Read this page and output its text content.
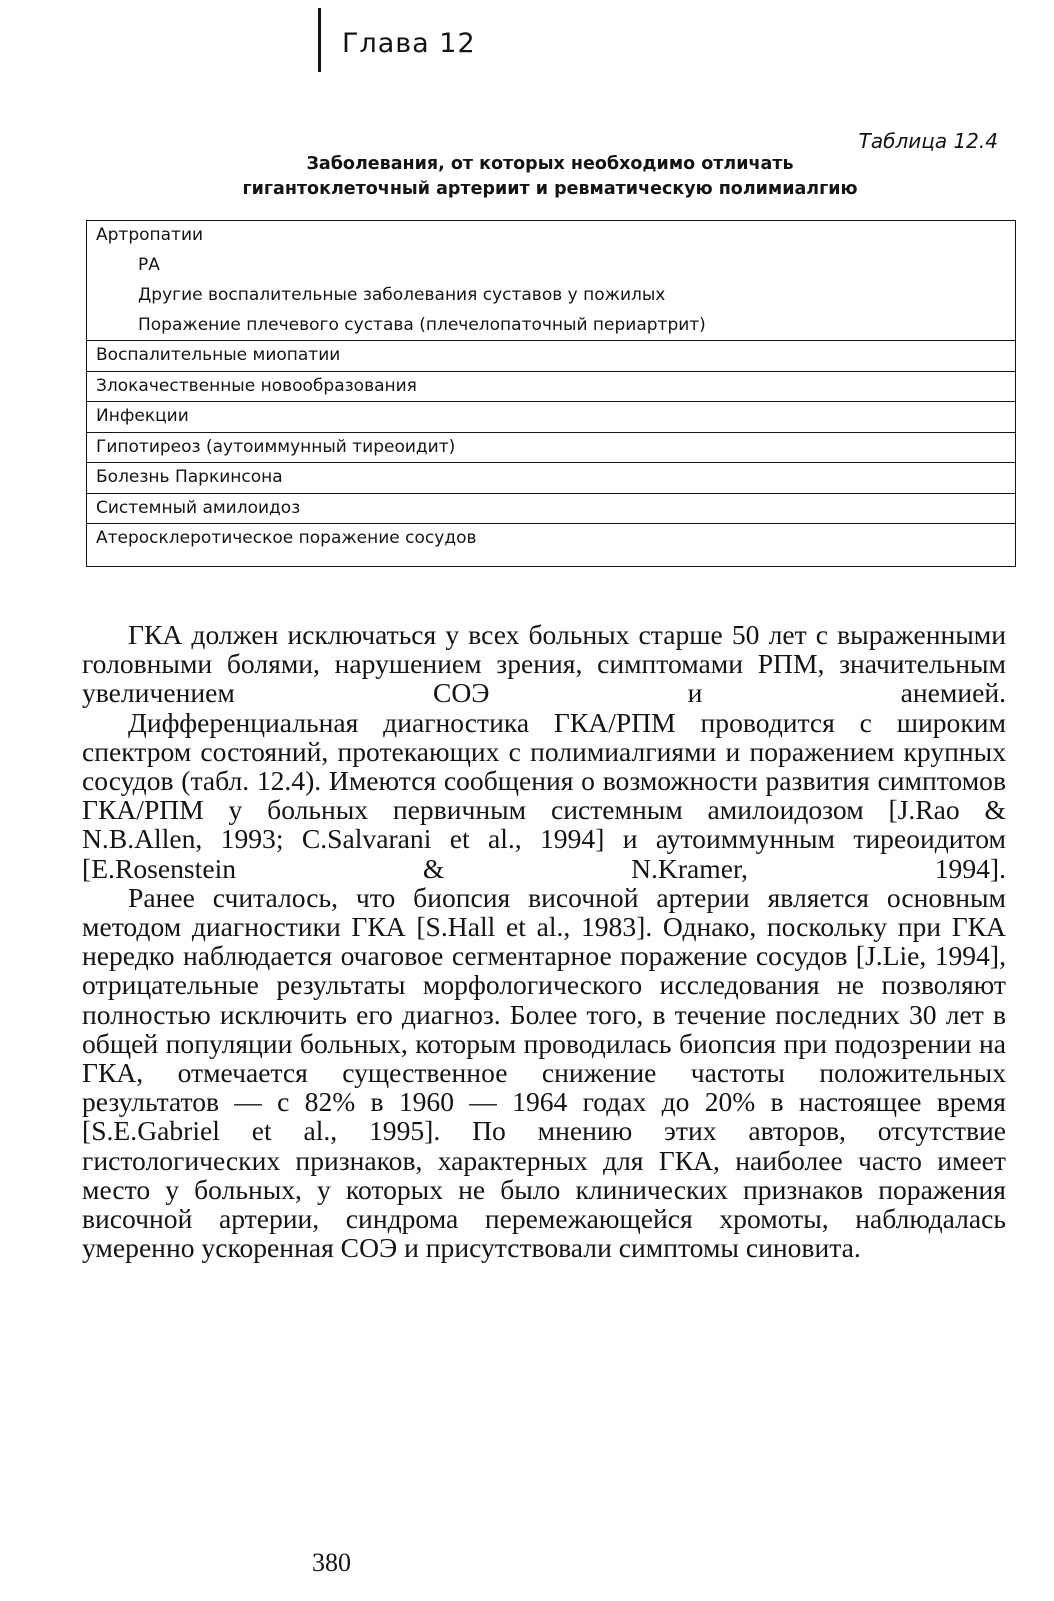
Глава 12
Таблица 12.4
Заболевания, от которых необходимо отличать
гигантоклеточный артериит и ревматическую полимиалгию
Артропатии
РА
Другие воспалительные заболевания суставов у пожилых
Поражение плечевого сустава (плечелопаточный периартрит)
Воспалительные миопатии
Злокачественные новообразования
Инфекции
Гипотиреоз (аутоиммунный тиреоидит)
Болезнь Паркинсона
Системный амилоидоз
Атеросклеротическое поражение сосудов

ГКА должен исключаться у всех больных старше 50 лет с выраженными головными болями, нарушением зрения, симптомами РПМ, значительным увеличением СОЭ и анемией.

Дифференциальная диагностика ГКА/РПМ проводится с широким спектром состояний, протекающих с полимиалгиями и поражением крупных сосудов (табл. 12.4). Имеются сообщения о возможности развития симптомов ГКА/РПМ у больных первичным системным амилоидозом [J.Rao & N.B.Allen, 1993; C.Salvarani et al., 1994] и аутоиммунным тиреоидитом [E.Rosenstein & N.Kramer, 1994].

Ранее считалось, что биопсия височной артерии является основным методом диагностики ГКА [S.Hall et al., 1983]. Однако, поскольку при ГКА нередко наблюдается очаговое сегментарное поражение сосудов [J.Lie, 1994], отрицательные результаты морфологического исследования не позволяют полностью исключить его диагноз. Более того, в течение последних 30 лет в общей популяции больных, которым проводилась биопсия при подозрении на ГКА, отмечается существенное снижение частоты положительных результатов — с 82% в 1960 — 1964 годах до 20% в настоящее время [S.E.Gabriel et al., 1995]. По мнению этих авторов, отсутствие гистологических признаков, характерных для ГКА, наиболее часто имеет место у больных, у которых не было клинических признаков поражения височной артерии, синдрома перемежающейся хромоты, наблюдалась умеренно ускоренная СОЭ и присутствовали симптомы синовита.

380
